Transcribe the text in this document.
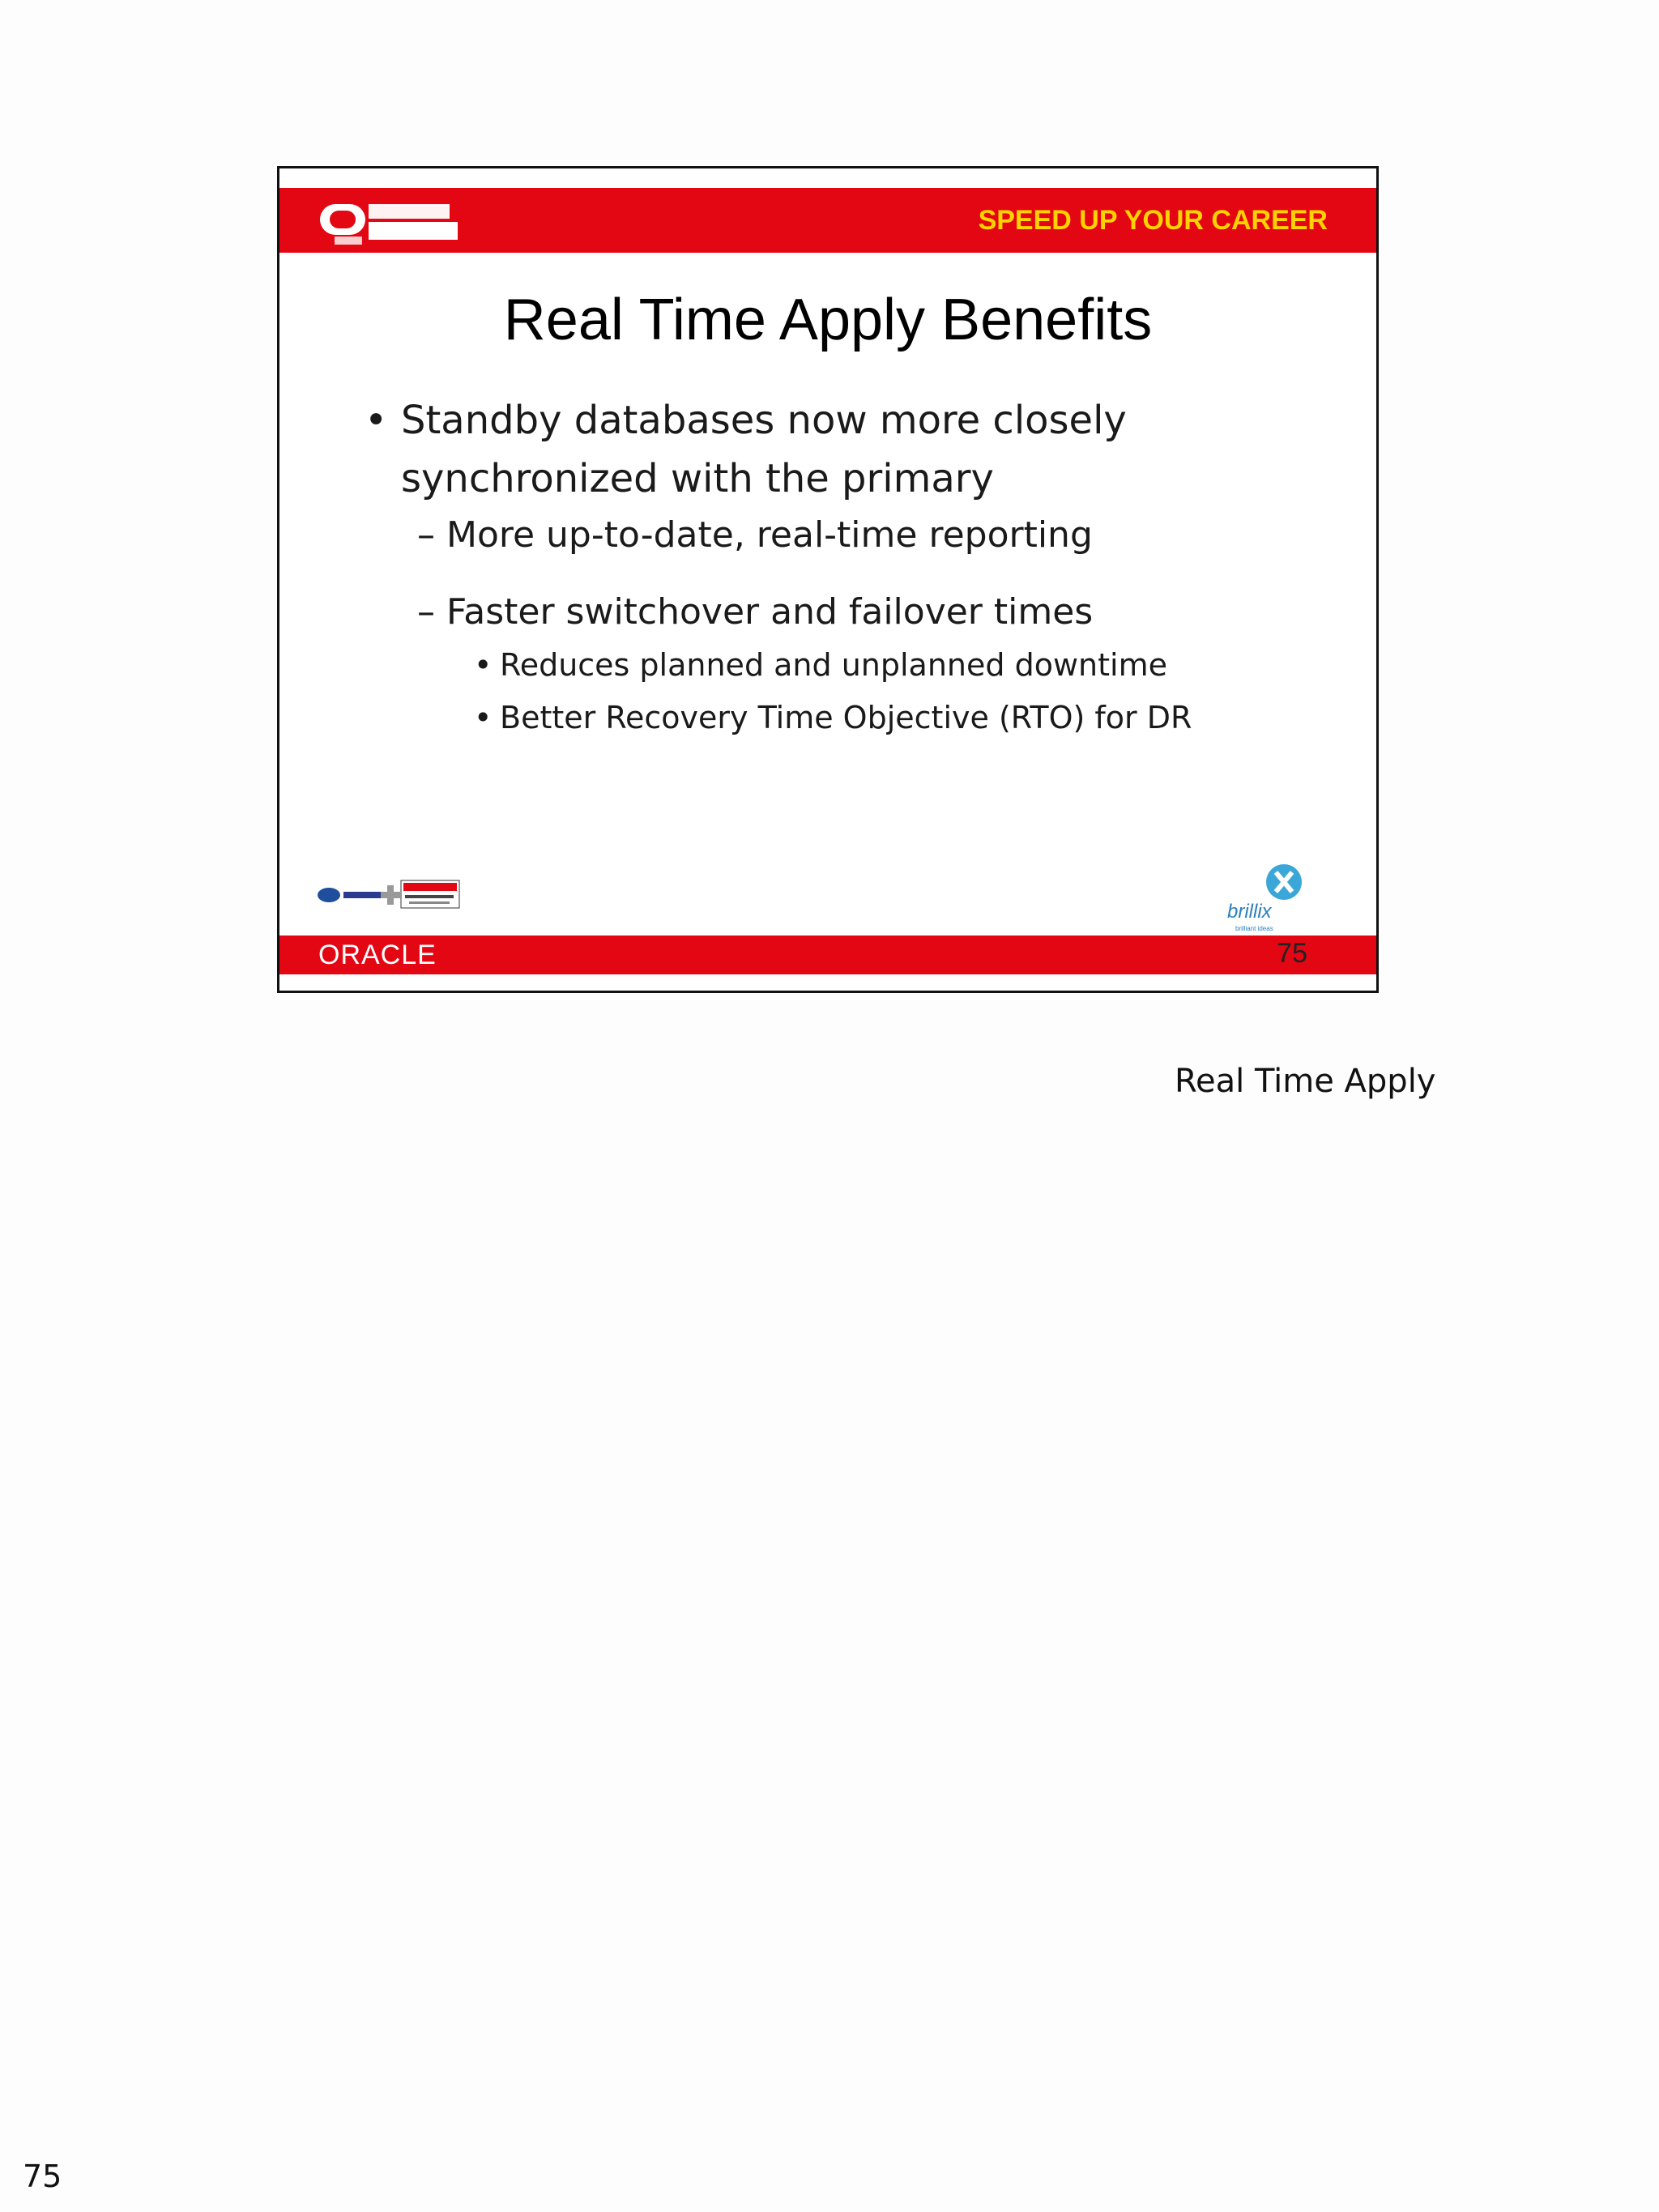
SPEED UP YOUR CAREER
Real Time Apply Benefits
• Standby databases now more closely
synchronized with the primary
– More up-to-date, real-time reporting
– Faster switchover and failover times
• Reduces planned and unplanned downtime
• Better Recovery Time Objective (RTO) for DR
brillix
brilliant ideas
ORACLE	75
Real Time Apply
75
